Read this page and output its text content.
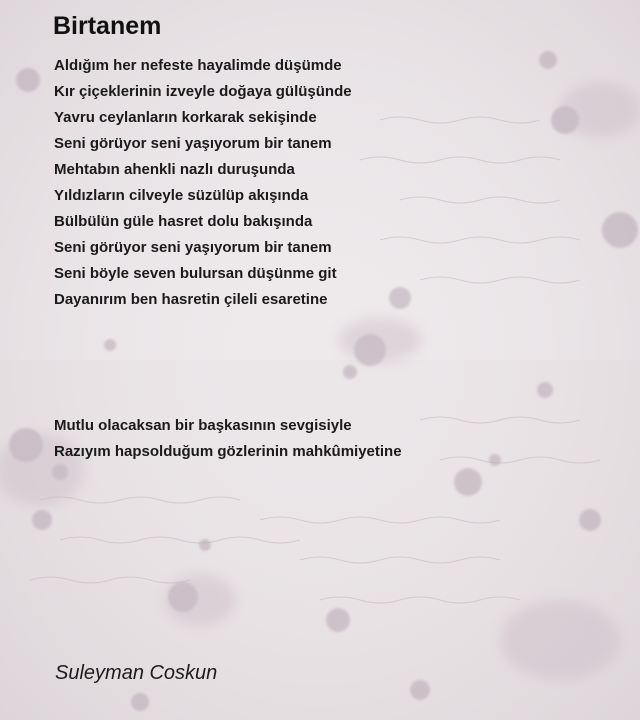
Birtanem
Aldığım her nefeste hayalimde düşümde
Kır çiçeklerinin izveyle doğaya gülüşünde
Yavru ceylanların korkarak sekişinde
Seni görüyor seni yaşıyorum bir tanem
Mehtabın ahenkli nazlı duruşunda
Yıldızların cilveyle süzülüp akışında
Bülbülün güle hasret dolu bakışında
Seni görüyor seni yaşıyorum bir tanem
Seni böyle seven bulursan düşünme git
Dayanırım ben hasretin çileli esaretine
Mutlu olacaksan bir başkasının sevgisiyle
Razıyım hapsolduğum gözlerinin mahkûmiyetine

Suleyman Coskun
